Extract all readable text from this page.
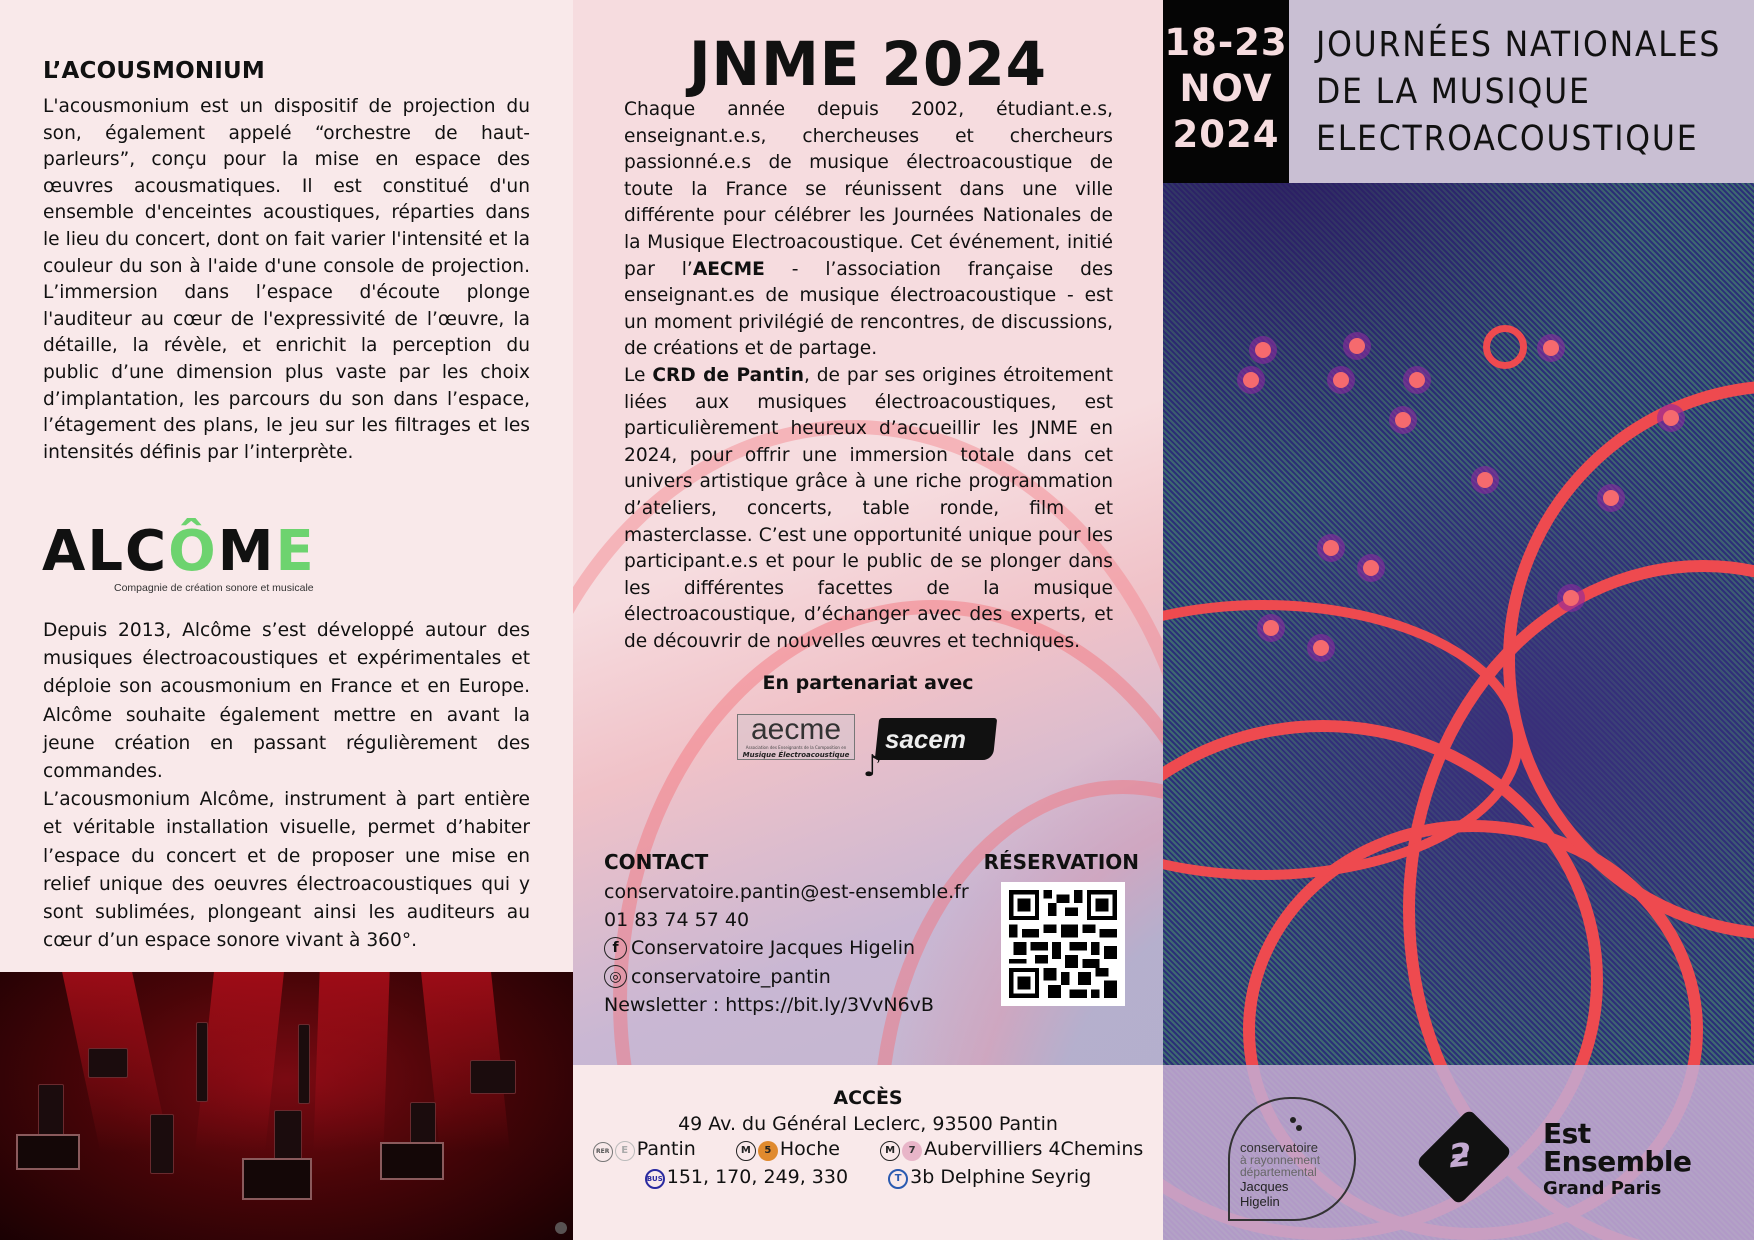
L’ACOUSMONIUM

L'acousmonium est un dispositif de projection du son, également appelé “orchestre de haut-parleurs”, conçu pour la mise en espace des œuvres acousmatiques. Il est constitué d'un ensemble d'enceintes acoustiques, réparties dans le lieu du concert, dont on fait varier l'intensité et la couleur du son à l'aide d'une console de projection. L’immersion dans l’espace d'écoute plonge l'auditeur au cœur de l'expressivité de l’œuvre, la détaille, la révèle, et enrichit la perception du public d’une dimension plus vaste par les choix d’implantation, les parcours du son dans l’espace, l’étagement des plans, le jeu sur les filtrages et les intensités définis par l’interprète.

ALCÔME
Compagnie de création sonore et musicale

Depuis 2013, Alcôme s’est développé autour des musiques électroacoustiques et expérimentales et déploie son acousmonium en France et en Europe. Alcôme souhaite également mettre en avant la jeune création en passant régulièrement des commandes.

L’acousmonium Alcôme, instrument à part entière et véritable installation visuelle, permet d’habiter l’espace du concert et de proposer une mise en relief unique des oeuvres électroacoustiques qui y sont sublimées, plongeant ainsi les auditeurs au cœur d’un espace sonore vivant à 360°.

JNME 2024

Chaque année depuis 2002, étudiant.e.s, enseignant.e.s, chercheuses et chercheurs passionné.e.s de musique électroacoustique de toute la France se réunissent dans une ville différente pour célébrer les Journées Nationales de la Musique Electroacoustique. Cet événement, initié par l’AECME - l’association française des enseignant.es de musique électroacoustique - est un moment privilégié de rencontres, de discussions, de créations et de partage.

Le CRD de Pantin, de par ses origines étroitement liées aux musiques électroacoustiques, est particulièrement heureux d’accueillir les JNME en 2024, pour offrir une immersion totale dans cet univers artistique grâce à une riche programmation d’ateliers, concerts, table ronde, film et masterclasse. C’est une opportunité unique pour les participant.e.s et pour le public de se plonger dans les différentes facettes de la musique électroacoustique, d’échanger avec des experts, et de découvrir de nouvelles œuvres et techniques.

En partenariat avec
aecme
Association des Enseignants de la Composition en
Musique Électroacoustique
sacem
♪
CONTACT
conservatoire.pantin@est-ensemble.fr
01 83 74 57 40
f Conservatoire Jacques Higelin
◎ conservatoire_pantin
Newsletter : https://bit.ly/3VvN6vB
RÉSERVATION
ACCÈS
49 Av. du Général Leclerc, 93500 Pantin
RER E Pantin	M 5 Hoche	M 7 Aubervilliers 4Chemins
BUS 151, 170, 249, 330	T 3b Delphine Seyrig
18-23
NOV
2024
JOURNÉES NATIONALES
DE LA MUSIQUE
ELECTROACOUSTIQUE
conservatoire
à rayonnement
départemental
Jacques
Higelin
ƻ
Est
Ensemble
Grand Paris
